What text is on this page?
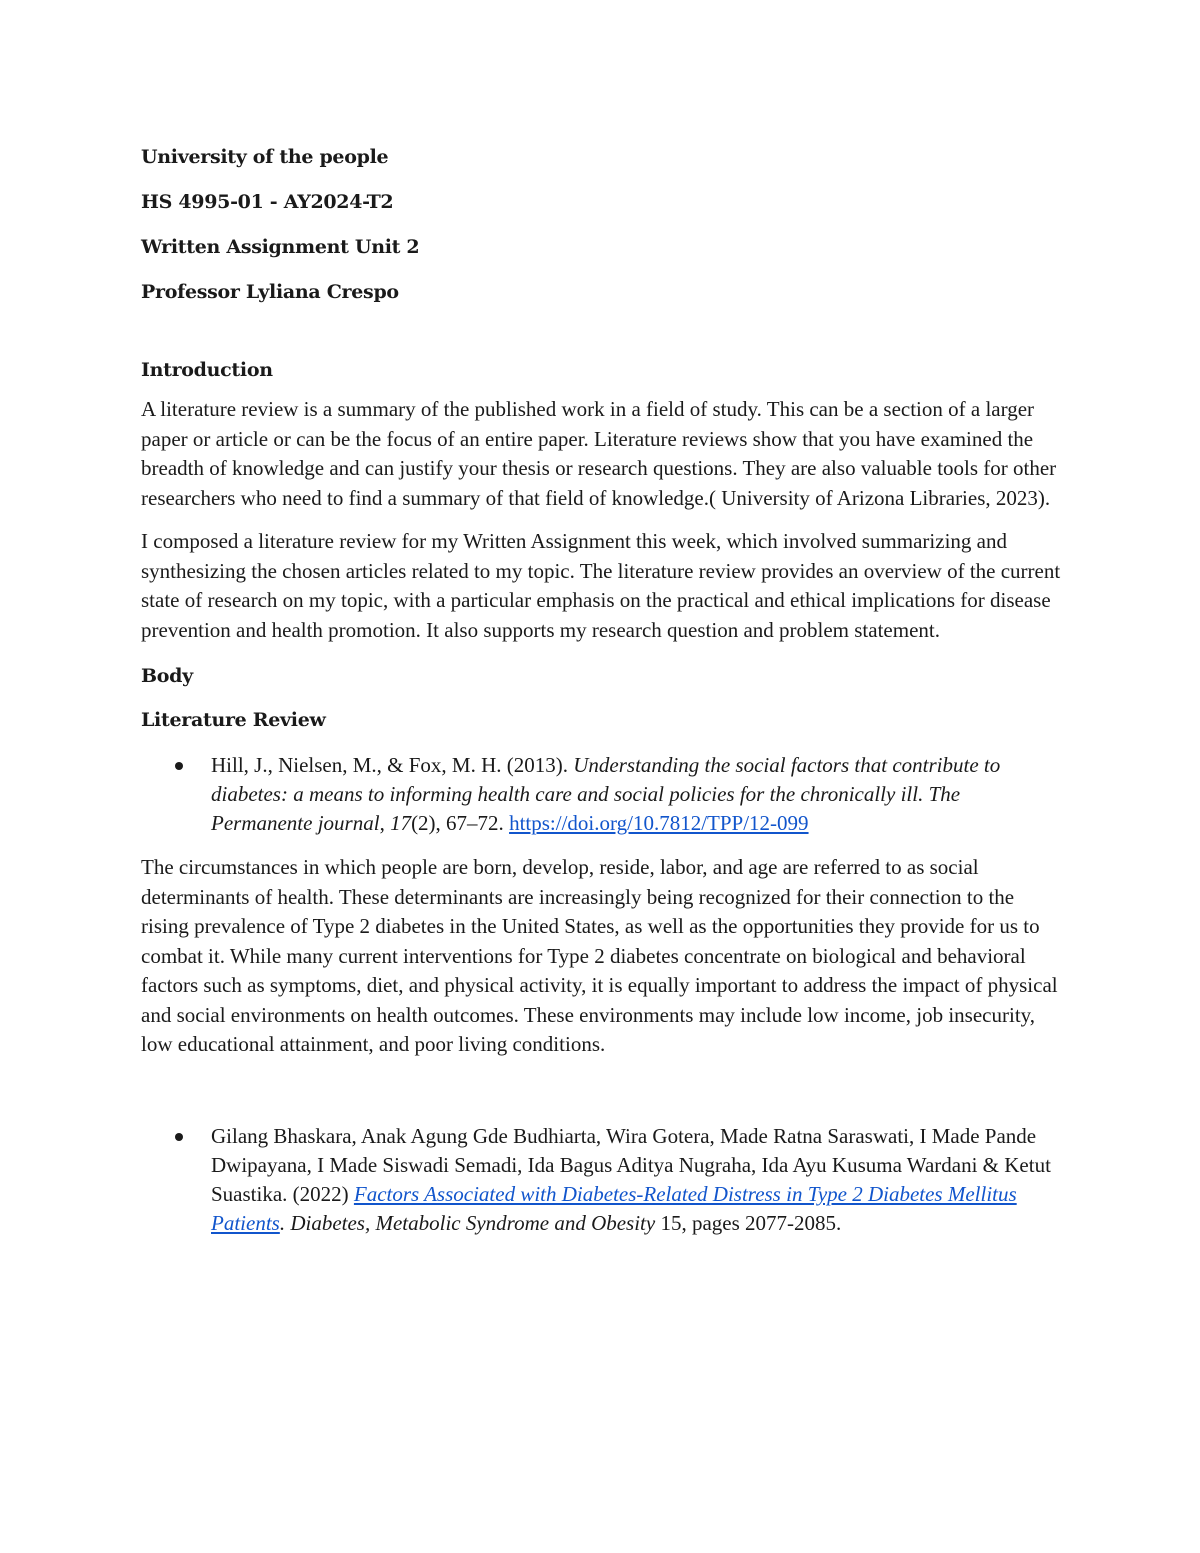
University of the people

HS 4995-01 - AY2024-T2

Written Assignment Unit 2

Professor Lyliana Crespo

Introduction

A literature review is a summary of the published work in a field of study. This can be a section of a larger paper or article or can be the focus of an entire paper. Literature reviews show that you have examined the breadth of knowledge and can justify your thesis or research questions. They are also valuable tools for other researchers who need to find a summary of that field of knowledge.( University of Arizona Libraries, 2023).

I composed a literature review for my Written Assignment this week, which involved summarizing and synthesizing the chosen articles related to my topic. The literature review provides an overview of the current state of research on my topic, with a particular emphasis on the practical and ethical implications for disease prevention and health promotion. It also supports my research question and problem statement.

Body

Literature Review

Hill, J., Nielsen, M., & Fox, M. H. (2013). Understanding the social factors that contribute to diabetes: a means to informing health care and social policies for the chronically ill. The Permanente journal, 17(2), 67–72. https://doi.org/10.7812/TPP/12-099

The circumstances in which people are born, develop, reside, labor, and age are referred to as social determinants of health. These determinants are increasingly being recognized for their connection to the rising prevalence of Type 2 diabetes in the United States, as well as the opportunities they provide for us to combat it. While many current interventions for Type 2 diabetes concentrate on biological and behavioral factors such as symptoms, diet, and physical activity, it is equally important to address the impact of physical and social environments on health outcomes. These environments may include low income, job insecurity, low educational attainment, and poor living conditions.

Gilang Bhaskara, Anak Agung Gde Budhiarta, Wira Gotera, Made Ratna Saraswati, I Made Pande Dwipayana, I Made Siswadi Semadi, Ida Bagus Aditya Nugraha, Ida Ayu Kusuma Wardani & Ketut Suastika. (2022) Factors Associated with Diabetes-Related Distress in Type 2 Diabetes Mellitus Patients. Diabetes, Metabolic Syndrome and Obesity 15, pages 2077-2085.
